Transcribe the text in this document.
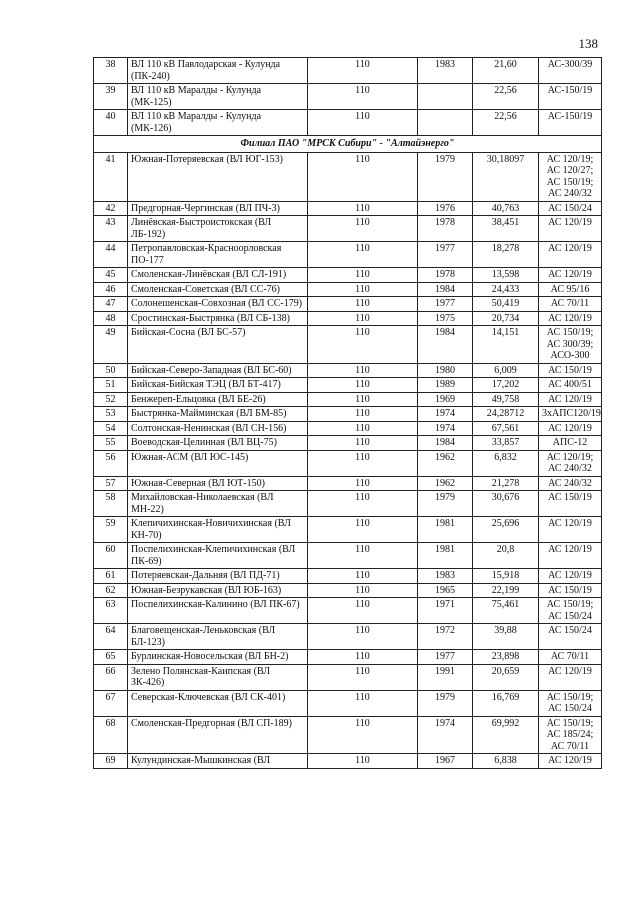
138
38	ВЛ 110 кВ Павлодарская - Кулунда (ПК-240)	110	1983	21,60	АС-300/39

39	ВЛ 110 кВ Маралды - Кулунда (МК-125)	110		22,56	АС-150/19

40	ВЛ 110 кВ Маралды - Кулунда (МК-126)	110		22,56	АС-150/19

Филиал ПАО "МРСК Сибири" - "Алтайэнерго"					
41	Южная-Потеряевская (ВЛ ЮГ-153)	110	1979	30,18097	АС 120/19;
АС 120/27;
АС 150/19;
АС 240/32

42	Предгорная-Чергинская (ВЛ ПЧ-3)	110	1976	40,763	АС 150/24

43	Линёвская-Быстроистокская (ВЛ ЛБ-192)	110	1978	38,451	АС 120/19

44	Петропавловская-Красноорловская ПО-177	110	1977	18,278	АС 120/19

45	Смоленская-Линёвская (ВЛ СЛ-191)	110	1978	13,598	АС 120/19

46	Смоленская-Советская (ВЛ СС-76)	110	1984	24,433	АС 95/16

47	Солонешенская-Совхозная (ВЛ СС-179)	110	1977	50,419	АС 70/11

48	Сростинская-Быстрянка (ВЛ СБ-138)	110	1975	20,734	АС 120/19

49	Бийская-Сосна (ВЛ БС-57)	110	1984	14,151	АС 150/19;
АС 300/39;
АСО-300

50	Бийская-Северо-Западная (ВЛ БС-60)	110	1980	6,009	АС 150/19

51	Бийская-Бийская ТЭЦ (ВЛ БТ-417)	110	1989	17,202	АС 400/51

52	Бенжереп-Ельцовка (ВЛ БЕ-26)	110	1969	49,758	АС 120/19

53	Быстрянка-Майминская (ВЛ БМ-85)	110	1974	24,28712	3хАПС120/19

54	Солтонская-Ненинская (ВЛ СН-156)	110	1974	67,561	АС 120/19

55	Воеводская-Целинная (ВЛ ВЦ-75)	110	1984	33,857	АПС-12

56	Южная-АСМ (ВЛ ЮС-145)	110	1962	6,832	АС 120/19;
АС 240/32

57	Южная-Северная (ВЛ ЮТ-150)	110	1962	21,278	АС 240/32

58	Михайловская-Николаевская (ВЛ МН-22)	110	1979	30,676	АС 150/19

59	Клепичихинская-Новичихинская (ВЛ КН-70)	110	1981	25,696	АС 120/19

60	Поспелихинская-Клепичихинская (ВЛ ПК-69)	110	1981	20,8	АС 120/19

61	Потеряевская-Дальняя (ВЛ ПД-71)	110	1983	15,918	АС 120/19

62	Южная-Безрукавская (ВЛ ЮБ-163)	110	1965	22,199	АС 150/19

63	Поспелихинская-Калинино (ВЛ ПК-67)	110	1971	75,461	АС 150/19;
АС 150/24

64	Благовещенская-Леньковская (ВЛ БЛ-123)	110	1972	39,88	АС 150/24

65	Бурлинская-Новосельская (ВЛ БН-2)	110	1977	23,898	АС 70/11

66	Зелено Полянская-Каипская (ВЛ ЗК-426)	110	1991	20,659	АС 120/19

67	Северская-Ключевская (ВЛ СК-401)	110	1979	16,769	АС 150/19;
АС 150/24

68	Смоленская-Предгорная (ВЛ СП-189)	110	1974	69,992	АС 150/19;
АС 185/24;
АС 70/11

69	Кулундинская-Мышкинская (ВЛ	110	1967	6,838	АС 120/19
